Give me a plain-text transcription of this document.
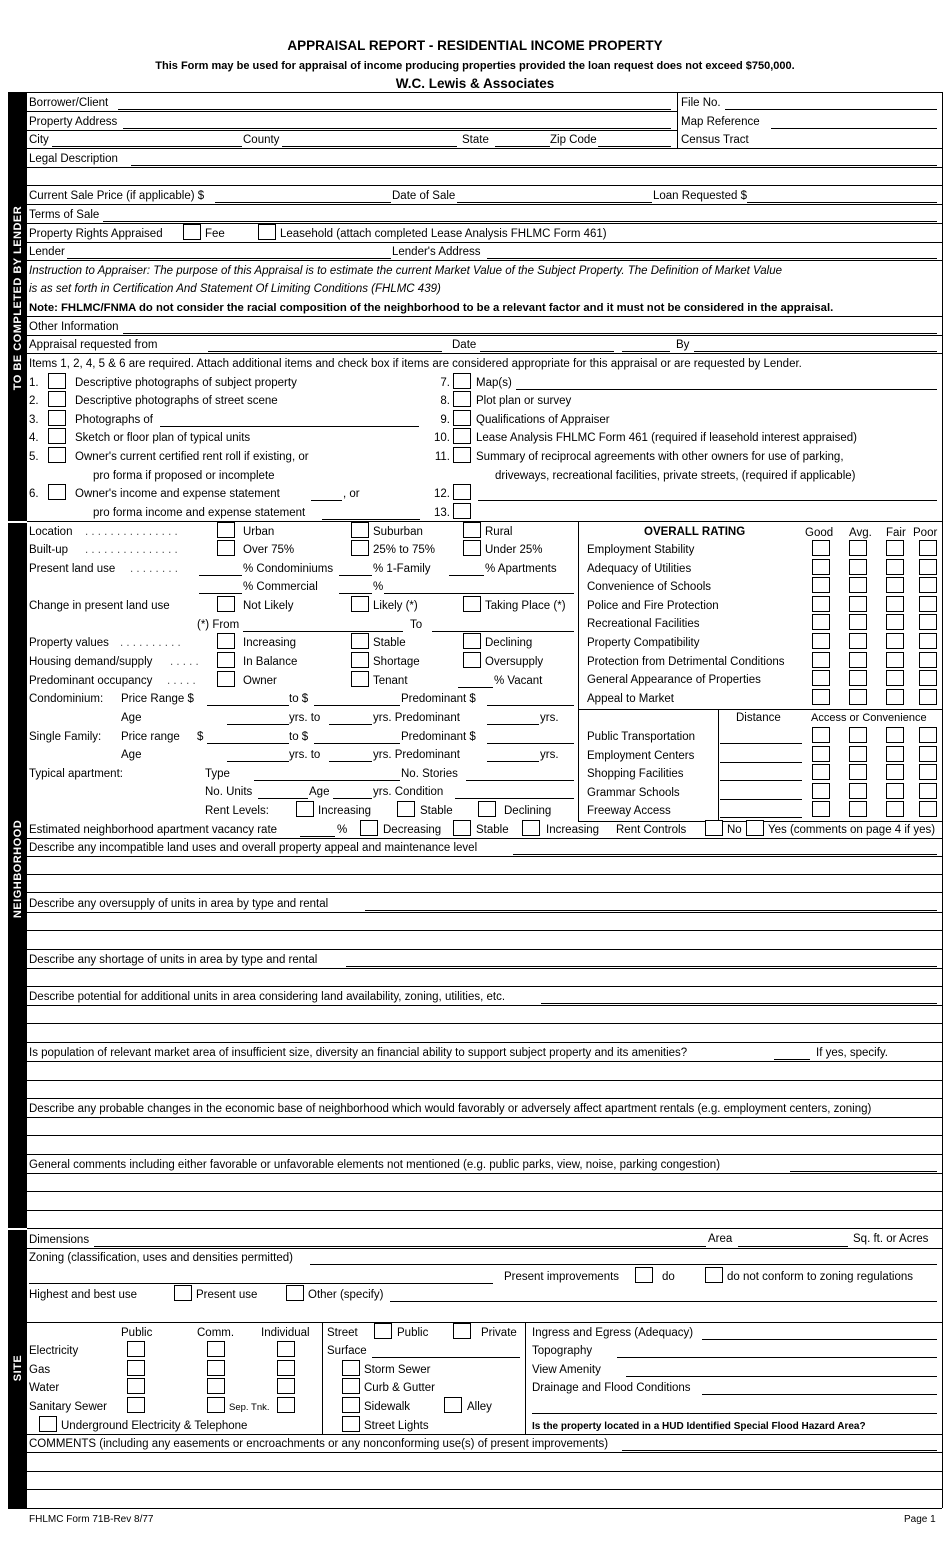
APPRAISAL REPORT - RESIDENTIAL INCOME PROPERTY
This Form may be used for appraisal of income producing properties provided the loan request does not exceed $750,000.
W.C. Lewis & Associates
TO BE COMPLETED BY LENDER
NEIGHBORHOOD
SITE
Borrower/Client	File No.
Property Address	Map Reference
City	County	State	Zip Code	Census Tract
Legal Description
Current Sale Price (if applicable) $	Date of Sale	Loan Requested $
Terms of Sale
Property Rights Appraised	Fee	Leasehold (attach completed Lease Analysis FHLMC Form 461)
Lender	Lender's Address
Instruction to Appraiser: The purpose of this Appraisal is to estimate the current Market Value of the Subject Property. The Definition of Market Value
is as set forth in Certification And Statement Of Limiting Conditions (FHLMC 439)
Note: FHLMC/FNMA do not consider the racial composition of the neighborhood to be a relevant factor and it must not be considered in the appraisal.
Other Information
Appraisal requested from	Date	By
Items 1, 2, 4, 5 & 6 are required. Attach additional items and check box if items are considered appropriate for this appraisal or are requested by Lender.
1.	Descriptive photographs of subject property
2.	Descriptive photographs of street scene
3.	Photographs of
4.	Sketch or floor plan of typical units
5.	Owner's current certified rent roll if existing, or
pro forma if proposed or incomplete
6.	Owner's income and expense statement	, or
pro forma income and expense statement
7. Map(s)
8. Plot plan or survey
9. Qualifications of Appraiser
10. Lease Analysis FHLMC Form 461 (required if leasehold interest appraised)
11. Summary of reciprocal agreements with other owners for use of parking,
driveways, recreational facilities, private streets, (required if applicable)
12.
13.
Location . . . . . . . . . . . . . . .	Urban	Suburban	Rural
Built-up . . . . . . . . . . . . . . .	Over 75%	25% to 75%	Under 25%
Present land use . . . . . . . .	% Condominiums	% 1-Family	% Apartments
% Commercial	%
Change in present land use	Not Likely	Likely (*)	Taking Place (*)
(*) From	To
Property values . . . . . . . . . .	Increasing	Stable	Declining
Housing demand/supply . . . . .	In Balance	Shortage	Oversupply
Predominant occupancy . . . . .	Owner	Tenant	% Vacant
Condominium: Price Range $	to $	Predominant $
Age	yrs. to	yrs. Predominant	yrs.
Single Family: Price range $	to $	Predominant $
Age	yrs. to	yrs. Predominant	yrs.
Typical apartment:	Type	No. Stories
No. Units	Age	yrs. Condition
Rent Levels:	Increasing	Stable	Declining
OVERALL RATING	Good Avg. Fair Poor
Employment Stability
Adequacy of Utilities
Convenience of Schools
Police and Fire Protection
Recreational Facilities
Property Compatibility
Protection from Detrimental Conditions
General Appearance of Properties
Appeal to Market
Distance	Access or Convenience
Public Transportation
Employment Centers
Shopping Facilities
Grammar Schools
Freeway Access
Estimated neighborhood apartment vacancy rate	%	Decreasing	Stable	Increasing Rent Controls	No Yes (comments on page 4 if yes)
Describe any incompatible land uses and overall property appeal and maintenance level
Describe any oversupply of units in area by type and rental
Describe any shortage of units in area by type and rental
Describe potential for additional units in area considering land availability, zoning, utilities, etc.
Is population of relevant market area of insufficient size, diversity an financial ability to support subject property and its amenities?	If yes, specify.
Describe any probable changes in the economic base of neighborhood which would favorably or adversely affect apartment rentals (e.g. employment centers, zoning)
General comments including either favorable or unfavorable elements not mentioned (e.g. public parks, view, noise, parking congestion)
Dimensions	Area	Sq. ft. or Acres
Zoning (classification, uses and densities permitted)
Present improvements	do	do not conform to zoning regulations
Highest and best use	Present use	Other (specify)
Public	Comm. Individual
Electricity
Gas
Water
Sanitary Sewer	Sep. Tnk.
Underground Electricity & Telephone
Street	Public	Private
Surface
Storm Sewer
Curb & Gutter
Sidewalk	Alley
Street Lights
Ingress and Egress (Adequacy)
Topography
View Amenity
Drainage and Flood Conditions
Is the property located in a HUD Identified Special Flood Hazard Area?
COMMENTS (including any easements or encroachments or any nonconforming use(s) of present improvements)
FHLMC Form 71B-Rev 8/77	Page 1
